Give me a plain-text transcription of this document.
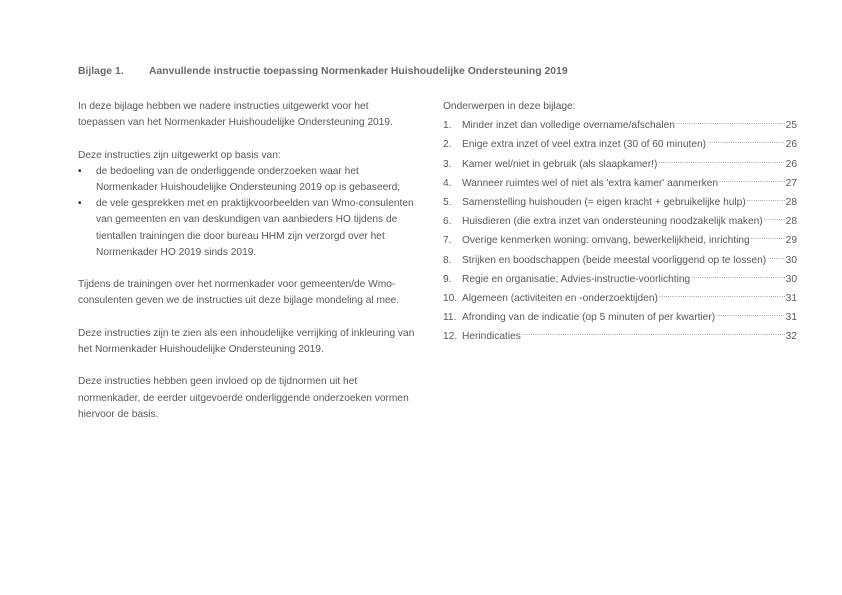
Bijlage 1. Aanvullende instructie toepassing Normenkader Huishoudelijke Ondersteuning 2019

In deze bijlage hebben we nadere instructies uitgewerkt voor het toepassen van het Normenkader Huishoudelijke Ondersteuning 2019.

Deze instructies zijn uitgewerkt op basis van:
• de bedoeling van de onderliggende onderzoeken waar het Normenkader Huishoudelijke Ondersteuning 2019 op is gebaseerd;
• de vele gesprekken met en praktijkvoorbeelden van Wmo-consulenten van gemeenten en van deskundigen van aanbieders HO tijdens de tientallen trainingen die door bureau HHM zijn verzorgd over het Normenkader HO 2019 sinds 2019.

Tijdens de trainingen over het normenkader voor gemeenten/de Wmo-consulenten geven we de instructies uit deze bijlage mondeling al mee.

Deze instructies zijn te zien als een inhoudelijke verrijking of inkleuring van het Normenkader Huishoudelijke Ondersteuning 2019.

Deze instructies hebben geen invloed op de tijdnormen uit het normenkader, de eerder uitgevoerde onderliggende onderzoeken vormen hiervoor de basis.

Onderwerpen in deze bijlage:
1.	Minder inzet dan volledige overname/afschalen .....	25
2.	Enige extra inzet of veel extra inzet (30 of 60 minuten) .....	26
3.	Kamer wel/niet in gebruik (als slaapkamer!) .....	26
4.	Wanneer ruimtes wel of niet als 'extra kamer' aanmerken .....	27
5.	Samenstelling huishouden (= eigen kracht + gebruikelijke hulp) .....	28
6.	Huisdieren (die extra inzet van ondersteuning noodzakelijk maken) ..... 28
7.	Overige kenmerken woning: omvang, bewerkelijkheid, inrichting .....	29
8.	Strijken en boodschappen (beide meestal voorliggend op te lossen) ..... 30
9.	Regie en organisatie; Advies-instructie-voorlichting .....	30
10. Algemeen (activiteiten en -onderzoektijden) .....	31
11. Afronding van de indicatie (op 5 minuten of per kwartier) .....	31
12. Herindicaties .....	32
